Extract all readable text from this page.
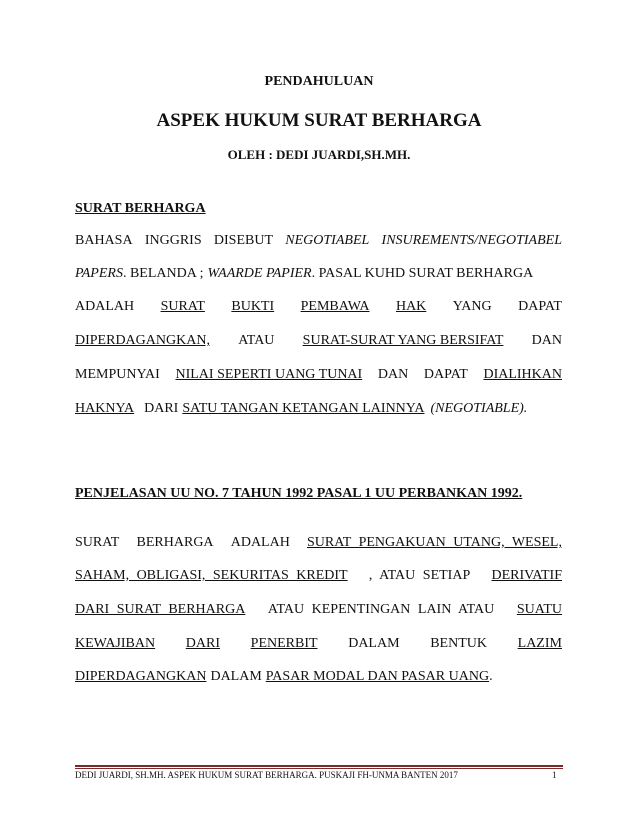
PENDAHULUAN
ASPEK HUKUM SURAT BERHARGA
OLEH : DEDI JUARDI,SH.MH.
SURAT BERHARGA
BAHASA INGGRIS DISEBUT NEGOTIABEL INSUREMENTS/NEGOTIABEL
PAPERS . BELANDA ; WAARDE PAPIER . PASAL KUHD SURAT BERHARGA
ADALAH SURAT BUKTI PEMBAWA HAK YANG DAPAT
DIPERDAGANGKAN, ATAU SURAT-SURAT YANG BERSIFAT DAN
MEMPUNYAI NILAI SEPERTI UANG TUNAI DAN DAPAT DIALIHKAN
HAKNYA DARI SATU TANGAN KETANGAN LAINNYA (NEGOTIABLE).
PENJELASAN UU NO. 7 TAHUN 1992 PASAL 1 UU PERBANKAN 1992.
SURAT BERHARGA ADALAH SURAT PENGAKUAN UTANG, WESEL,
SAHAM, OBLIGASI, SEKURITAS KREDIT , ATAU SETIAP DERIVATIF
DARI SURAT BERHARGA ATAU KEPENTINGAN LAIN ATAU SUATU
KEWAJIBAN DARI PENERBIT DALAM BENTUK LAZIM
DIPERDAGANGKAN DALAM PASAR MODAL DAN PASAR UANG .
DEDI JUARDI, SH.MH. ASPEK HUKUM SURAT BERHARGA. PUSKAJI FH-UNMA BANTEN 2017	1
